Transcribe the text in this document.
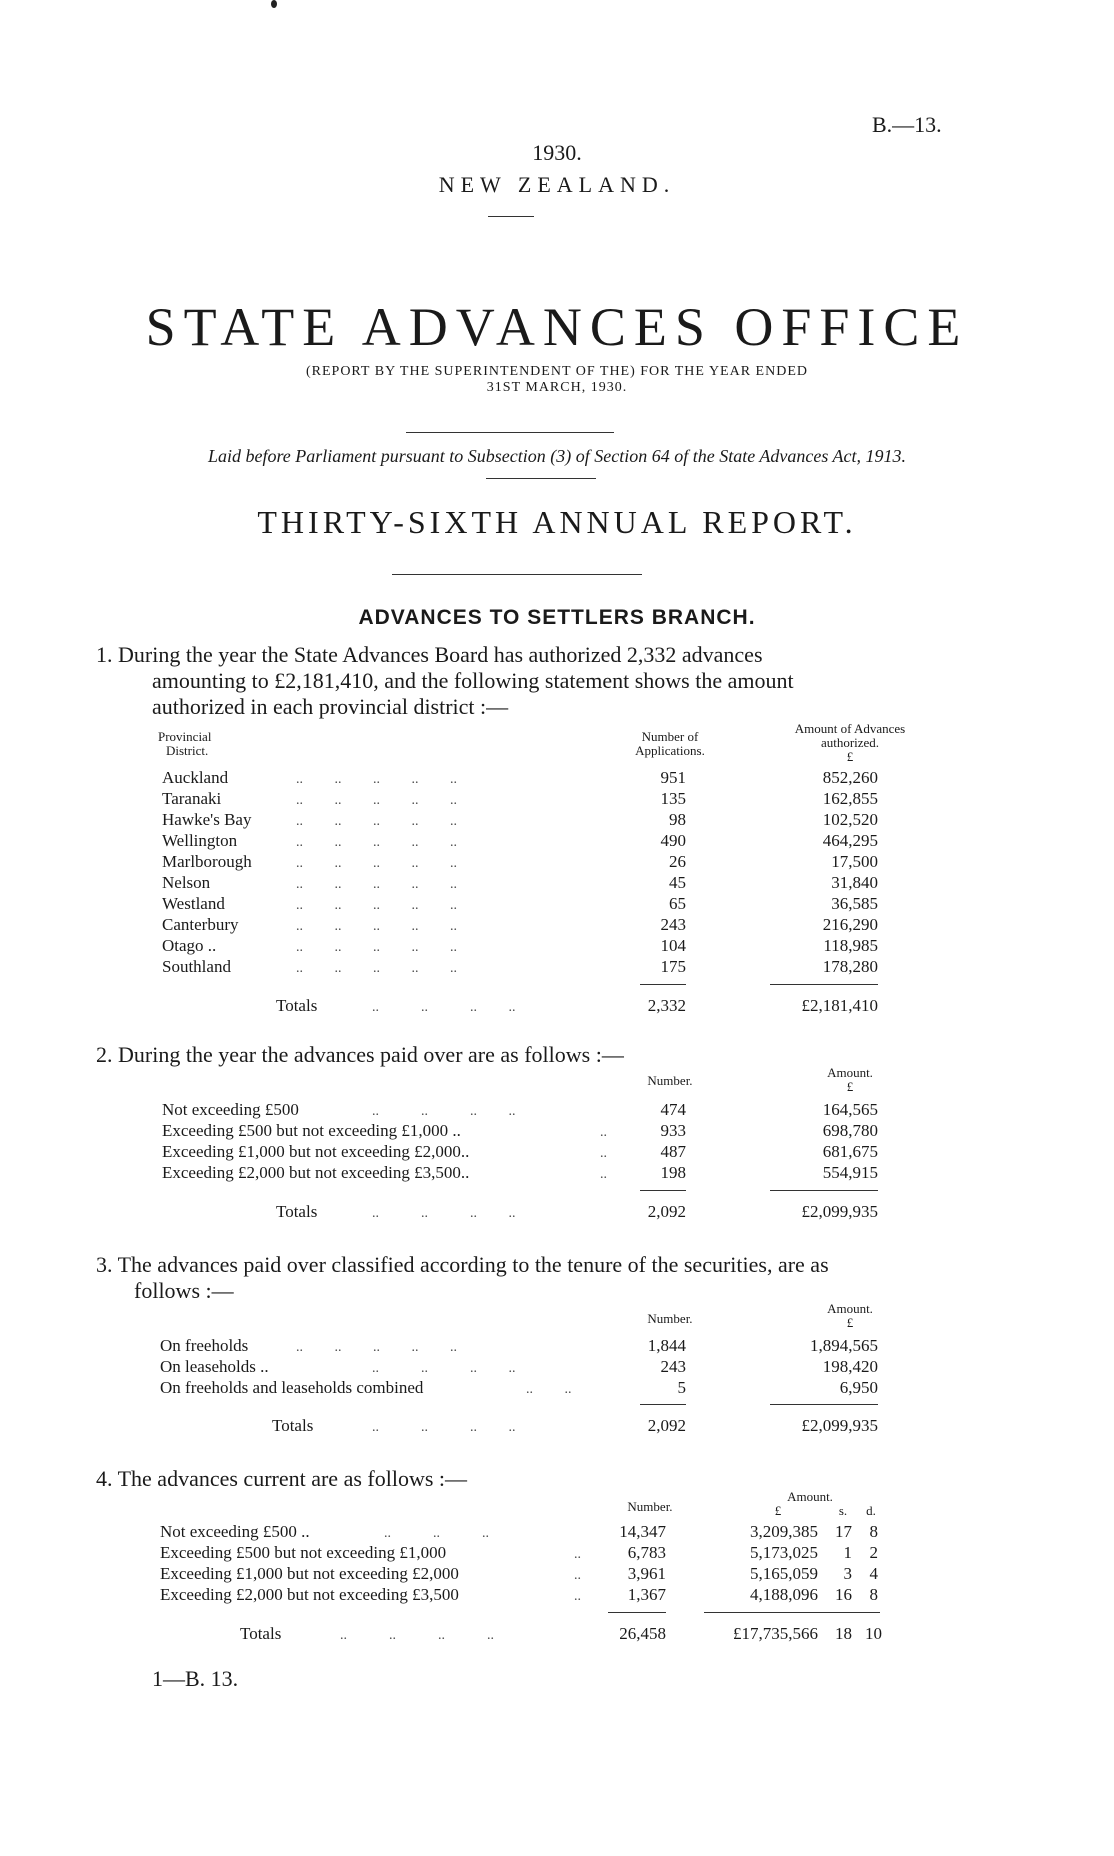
B.—13.
1930.
NEW ZEALAND.
STATE ADVANCES OFFICE
(REPORT BY THE SUPERINTENDENT OF THE) FOR THE YEAR ENDED
31ST MARCH, 1930.
Laid before Parliament pursuant to Subsection (3) of Section 64 of the State Advances Act, 1913.
THIRTY-SIXTH ANNUAL REPORT.
ADVANCES TO SETTLERS BRANCH.
1. During the year the State Advances Board has authorized 2,332 advances
amounting to £2,181,410, and the following statement shows the amount
authorized in each provincial district :—
Provincial
District.
Number of
Applications.
Amount of Advances
authorized.
£
Auckland	..         ..         ..         ..         ..	951	852,260
Taranaki	..         ..         ..         ..         ..	135	162,855
Hawke's Bay	..         ..         ..         ..         ..	98	102,520
Wellington	..         ..         ..         ..         ..	490	464,295
Marlborough	..         ..         ..         ..         ..	26	17,500
Nelson	..         ..         ..         ..         ..	45	31,840
Westland	..         ..         ..         ..         ..	65	36,585
Canterbury	..         ..         ..         ..         ..	243	216,290
Otago ..	..         ..         ..         ..         ..	104	118,985
Southland	..         ..         ..         ..         ..	175	178,280
Totals	..            ..            ..         ..	2,332	£2,181,410
2. During the year the advances paid over are as follows :—
Number.
Amount.
£
Not exceeding £500	..            ..            ..         ..	474	164,565
Exceeding £500 but not exceeding £1,000 ..	..	933	698,780
Exceeding £1,000 but not exceeding £2,000..	..	487	681,675
Exceeding £2,000 but not exceeding £3,500..	..	198	554,915
Totals	..            ..            ..         ..	2,092	£2,099,935
3. The advances paid over classified according to the tenure of the securities, are as
follows :—
Number.
Amount.
£
On freeholds	..         ..         ..         ..         ..	1,844	1,894,565
On leaseholds ..	..            ..            ..         ..	243	198,420
On freeholds and leaseholds combined	..         ..	5	6,950
Totals	..            ..            ..         ..	2,092	£2,099,935
4. The advances current are as follows :—
Number.
Amount.
£	s.	d.
Not exceeding £500 ..	..            ..            ..	14,347	3,209,385	17	8
Exceeding £500 but not exceeding £1,000	..	6,783	5,173,025	1	2
Exceeding £1,000 but not exceeding £2,000	..	3,961	5,165,059	3	4
Exceeding £2,000 but not exceeding £3,500	..	1,367	4,188,096	16	8
Totals	..            ..            ..            ..	26,458	£17,735,566	18 10
1—B. 13.
